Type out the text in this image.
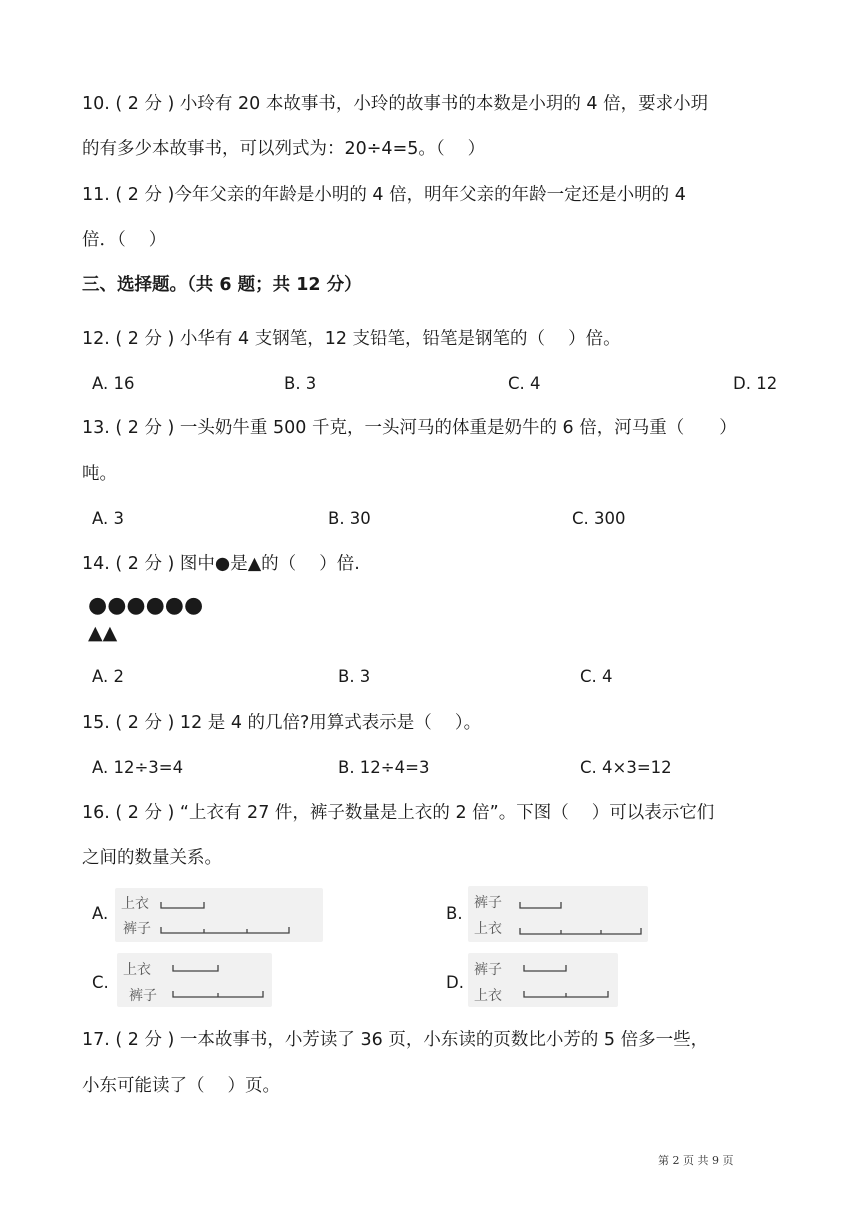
10. ( 2 分 ) 小玲有 20 本故事书，小玲的故事书的本数是小玥的 4 倍，要求小玥
的有多少本故事书，可以列式为：20÷4=5。（　 ）
11. ( 2 分 )今年父亲的年龄是小明的 4 倍，明年父亲的年龄一定还是小明的 4
倍．（　 ）
三、选择题。（共 6 题；共 12 分）
12. ( 2 分 ) 小华有 4 支钢笔，12 支铅笔，铅笔是钢笔的（　 ）倍。
A. 16	B. 3	C. 4	D. 12
13. ( 2 分 ) 一头奶牛重 500 千克，一头河马的体重是奶牛的 6 倍，河马重（　　）
吨。
A. 3	B. 30	C. 300
14. ( 2 分 ) 图中●是▲的（　 ）倍.
●●●●●●
▲▲
A. 2	B. 3	C. 4
15. ( 2 分 ) 12 是 4 的几倍?用算式表示是（　 ）。
A. 12÷3=4	B. 12÷4=3	C. 4×3=12
16. ( 2 分 ) “上衣有 27 件，裤子数量是上衣的 2 倍”。下图（　 ）可以表示它们
之间的数量关系。
A. 上衣
裤子
B.
裤子
上衣
C.
上衣
裤子
D.
裤子
上衣
17. ( 2 分 ) 一本故事书，小芳读了 36 页，小东读的页数比小芳的 5 倍多一些，
小东可能读了（　 ）页。
第 2 页 共 9 页
